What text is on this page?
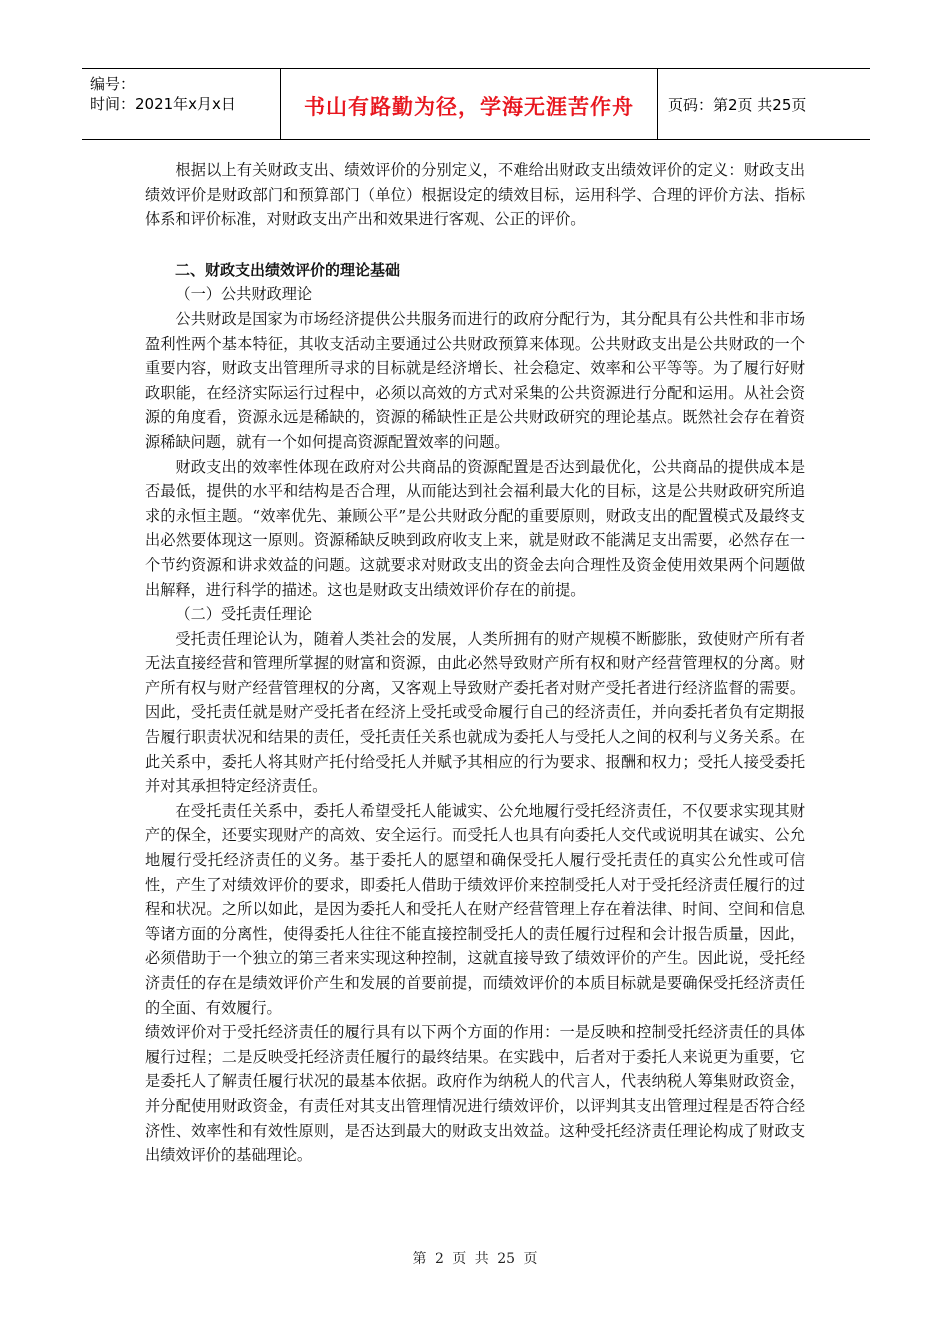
编号：
时间：2021年x月x日	书山有路勤为径，学海无涯苦作舟	页码：第2页 共25页

根据以上有关财政支出、绩效评价的分别定义，不难给出财政支出绩效评价的定义：财政支出绩效评价是财政部门和预算部门（单位）根据设定的绩效目标，运用科学、合理的评价方法、指标体系和评价标准，对财政支出产出和效果进行客观、公正的评价。

二、财政支出绩效评价的理论基础
（一）公共财政理论

公共财政是国家为市场经济提供公共服务而进行的政府分配行为，其分配具有公共性和非市场盈利性两个基本特征，其收支活动主要通过公共财政预算来体现。公共财政支出是公共财政的一个重要内容，财政支出管理所寻求的目标就是经济增长、社会稳定、效率和公平等等。为了履行好财政职能，在经济实际运行过程中，必须以高效的方式对采集的公共资源进行分配和运用。从社会资源的角度看，资源永远是稀缺的，资源的稀缺性正是公共财政研究的理论基点。既然社会存在着资源稀缺问题，就有一个如何提高资源配置效率的问题。

财政支出的效率性体现在政府对公共商品的资源配置是否达到最优化，公共商品的提供成本是否最低，提供的水平和结构是否合理，从而能达到社会福利最大化的目标，这是公共财政研究所追求的永恒主题。“效率优先、兼顾公平”是公共财政分配的重要原则，财政支出的配置模式及最终支出必然要体现这一原则。资源稀缺反映到政府收支上来，就是财政不能满足支出需要，必然存在一个节约资源和讲求效益的问题。这就要求对财政支出的资金去向合理性及资金使用效果两个问题做出解释，进行科学的描述。这也是财政支出绩效评价存在的前提。

（二）受托责任理论

受托责任理论认为，随着人类社会的发展，人类所拥有的财产规模不断膨胀，致使财产所有者无法直接经营和管理所掌握的财富和资源，由此必然导致财产所有权和财产经营管理权的分离。财产所有权与财产经营管理权的分离，又客观上导致财产委托者对财产受托者进行经济监督的需要。因此，受托责任就是财产受托者在经济上受托或受命履行自己的经济责任，并向委托者负有定期报告履行职责状况和结果的责任，受托责任关系也就成为委托人与受托人之间的权利与义务关系。在此关系中，委托人将其财产托付给受托人并赋予其相应的行为要求、报酬和权力；受托人接受委托并对其承担特定经济责任。

在受托责任关系中，委托人希望受托人能诚实、公允地履行受托经济责任，不仅要求实现其财产的保全，还要实现财产的高效、安全运行。而受托人也具有向委托人交代或说明其在诚实、公允地履行受托经济责任的义务。基于委托人的愿望和确保受托人履行受托责任的真实公允性或可信性，产生了对绩效评价的要求，即委托人借助于绩效评价来控制受托人对于受托经济责任履行的过程和状况。之所以如此，是因为委托人和受托人在财产经营管理上存在着法律、时间、空间和信息等诸方面的分离性，使得委托人往往不能直接控制受托人的责任履行过程和会计报告质量，因此，必须借助于一个独立的第三者来实现这种控制，这就直接导致了绩效评价的产生。因此说，受托经济责任的存在是绩效评价产生和发展的首要前提，而绩效评价的本质目标就是要确保受托经济责任的全面、有效履行。

绩效评价对于受托经济责任的履行具有以下两个方面的作用：一是反映和控制受托经济责任的具体履行过程；二是反映受托经济责任履行的最终结果。在实践中，后者对于委托人来说更为重要，它是委托人了解责任履行状况的最基本依据。政府作为纳税人的代言人，代表纳税人筹集财政资金，并分配使用财政资金，有责任对其支出管理情况进行绩效评价，以评判其支出管理过程是否符合经济性、效率性和有效性原则，是否达到最大的财政支出效益。这种受托经济责任理论构成了财政支出绩效评价的基础理论。

第 2 页 共 25 页
